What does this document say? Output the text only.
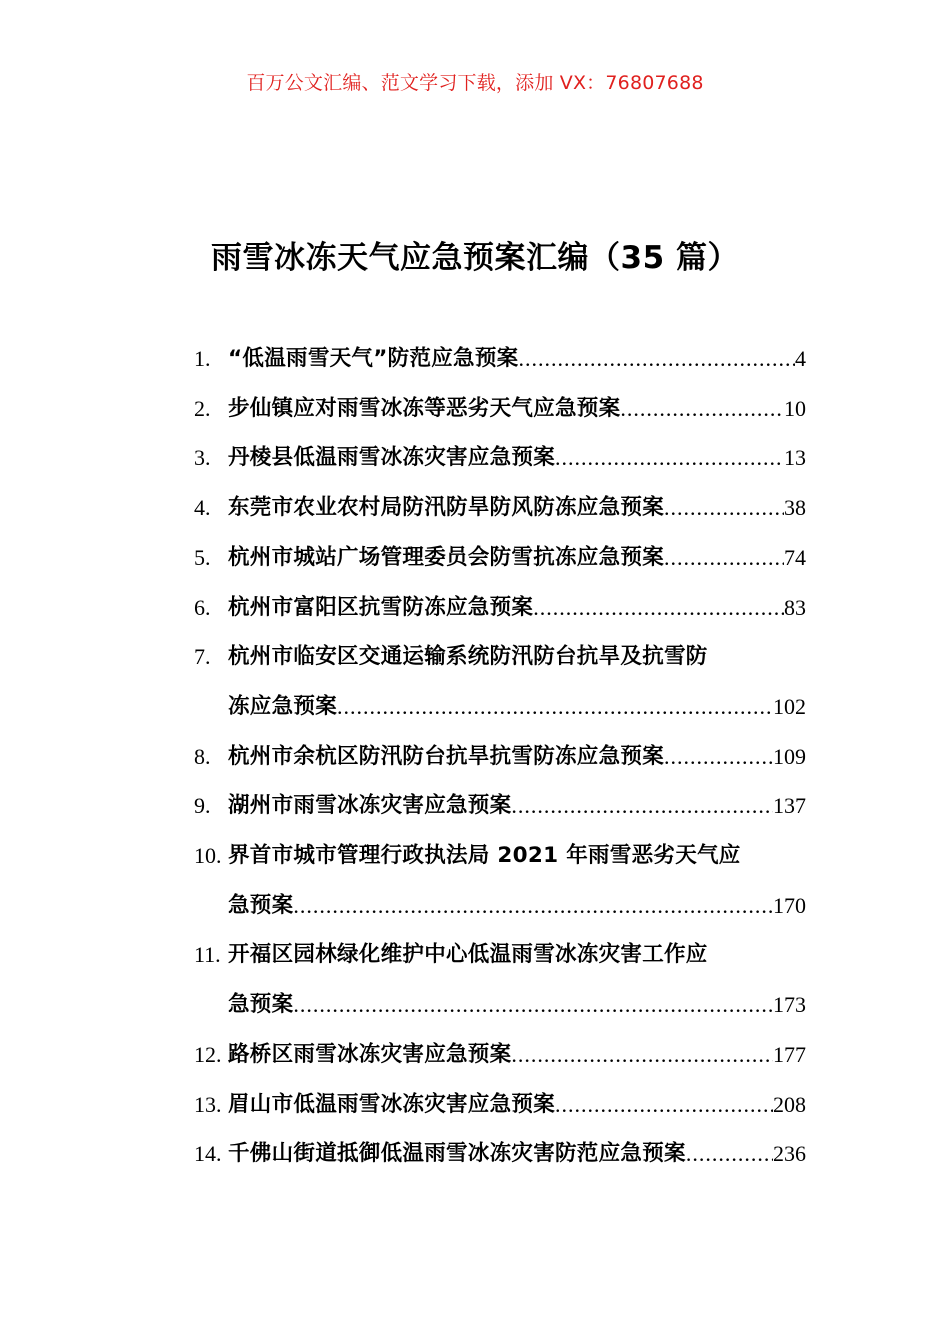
百万公文汇编、范文学习下载，添加 VX：76807688
雨雪冰冻天气应急预案汇编（35 篇）
1. “低温雨雪天气”防范应急预案 .....	4
2. 步仙镇应对雨雪冰冻等恶劣天气应急预案 .....	10
3. 丹棱县低温雨雪冰冻灾害应急预案 .....	13
4. 东莞市农业农村局防汛防旱防风防冻应急预案 .....	38
5. 杭州市城站广场管理委员会防雪抗冻应急预案 .....	74
6. 杭州市富阳区抗雪防冻应急预案 .....	83
7. 杭州市临安区交通运输系统防汛防台抗旱及抗雪防
冻应急预案 .....	102
8. 杭州市余杭区防汛防台抗旱抗雪防冻应急预案 .....	109
9. 湖州市雨雪冰冻灾害应急预案 .....	137
10. 界首市城市管理行政执法局 2021 年雨雪恶劣天气应
急预案 .....	170
11. 开福区园林绿化维护中心低温雨雪冰冻灾害工作应
急预案 .....	173
12. 路桥区雨雪冰冻灾害应急预案 .....	177
13. 眉山市低温雨雪冰冻灾害应急预案 .....	208
14. 千佛山街道抵御低温雨雪冰冻灾害防范应急预案 .....	236
